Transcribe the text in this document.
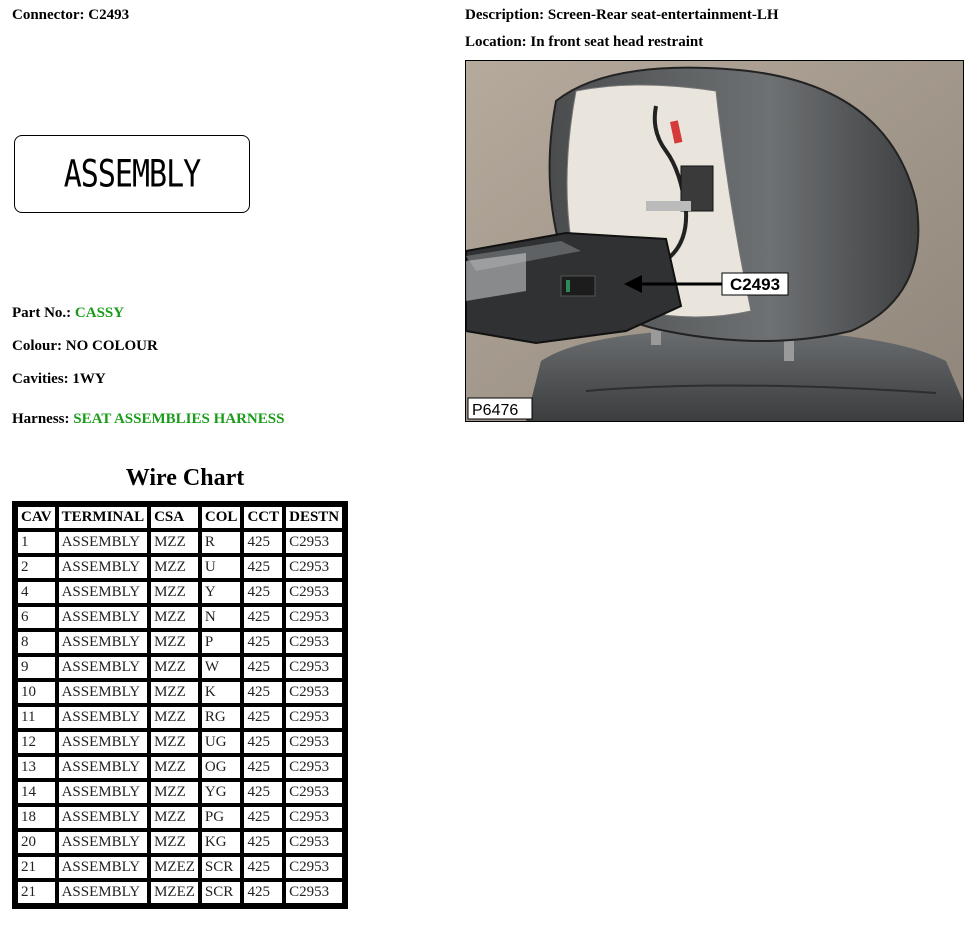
Connector: C2493	Description: Screen-Rear seat-entertainment-LH
Location: In front seat head restraint
ASSEMBLY
Part No.: CASSY
Colour: NO COLOUR
Cavities: 1WY
Harness: SEAT ASSEMBLIES HARNESS
C2493
P6476
Wire Chart
CAV	TERMINAL	CSA	COL	CCT	DESTN
1	ASSEMBLY	MZZ	R	425	C2953
2	ASSEMBLY	MZZ	U	425	C2953
4	ASSEMBLY	MZZ	Y	425	C2953
6	ASSEMBLY	MZZ	N	425	C2953
8	ASSEMBLY	MZZ	P	425	C2953
9	ASSEMBLY	MZZ	W	425	C2953
10	ASSEMBLY	MZZ	K	425	C2953
11	ASSEMBLY	MZZ	RG	425	C2953
12	ASSEMBLY	MZZ	UG	425	C2953
13	ASSEMBLY	MZZ	OG	425	C2953
14	ASSEMBLY	MZZ	YG	425	C2953
18	ASSEMBLY	MZZ	PG	425	C2953
20	ASSEMBLY	MZZ	KG	425	C2953
21	ASSEMBLY	MZEZ	SCR	425	C2953
21	ASSEMBLY	MZEZ	SCR	425	C2953
